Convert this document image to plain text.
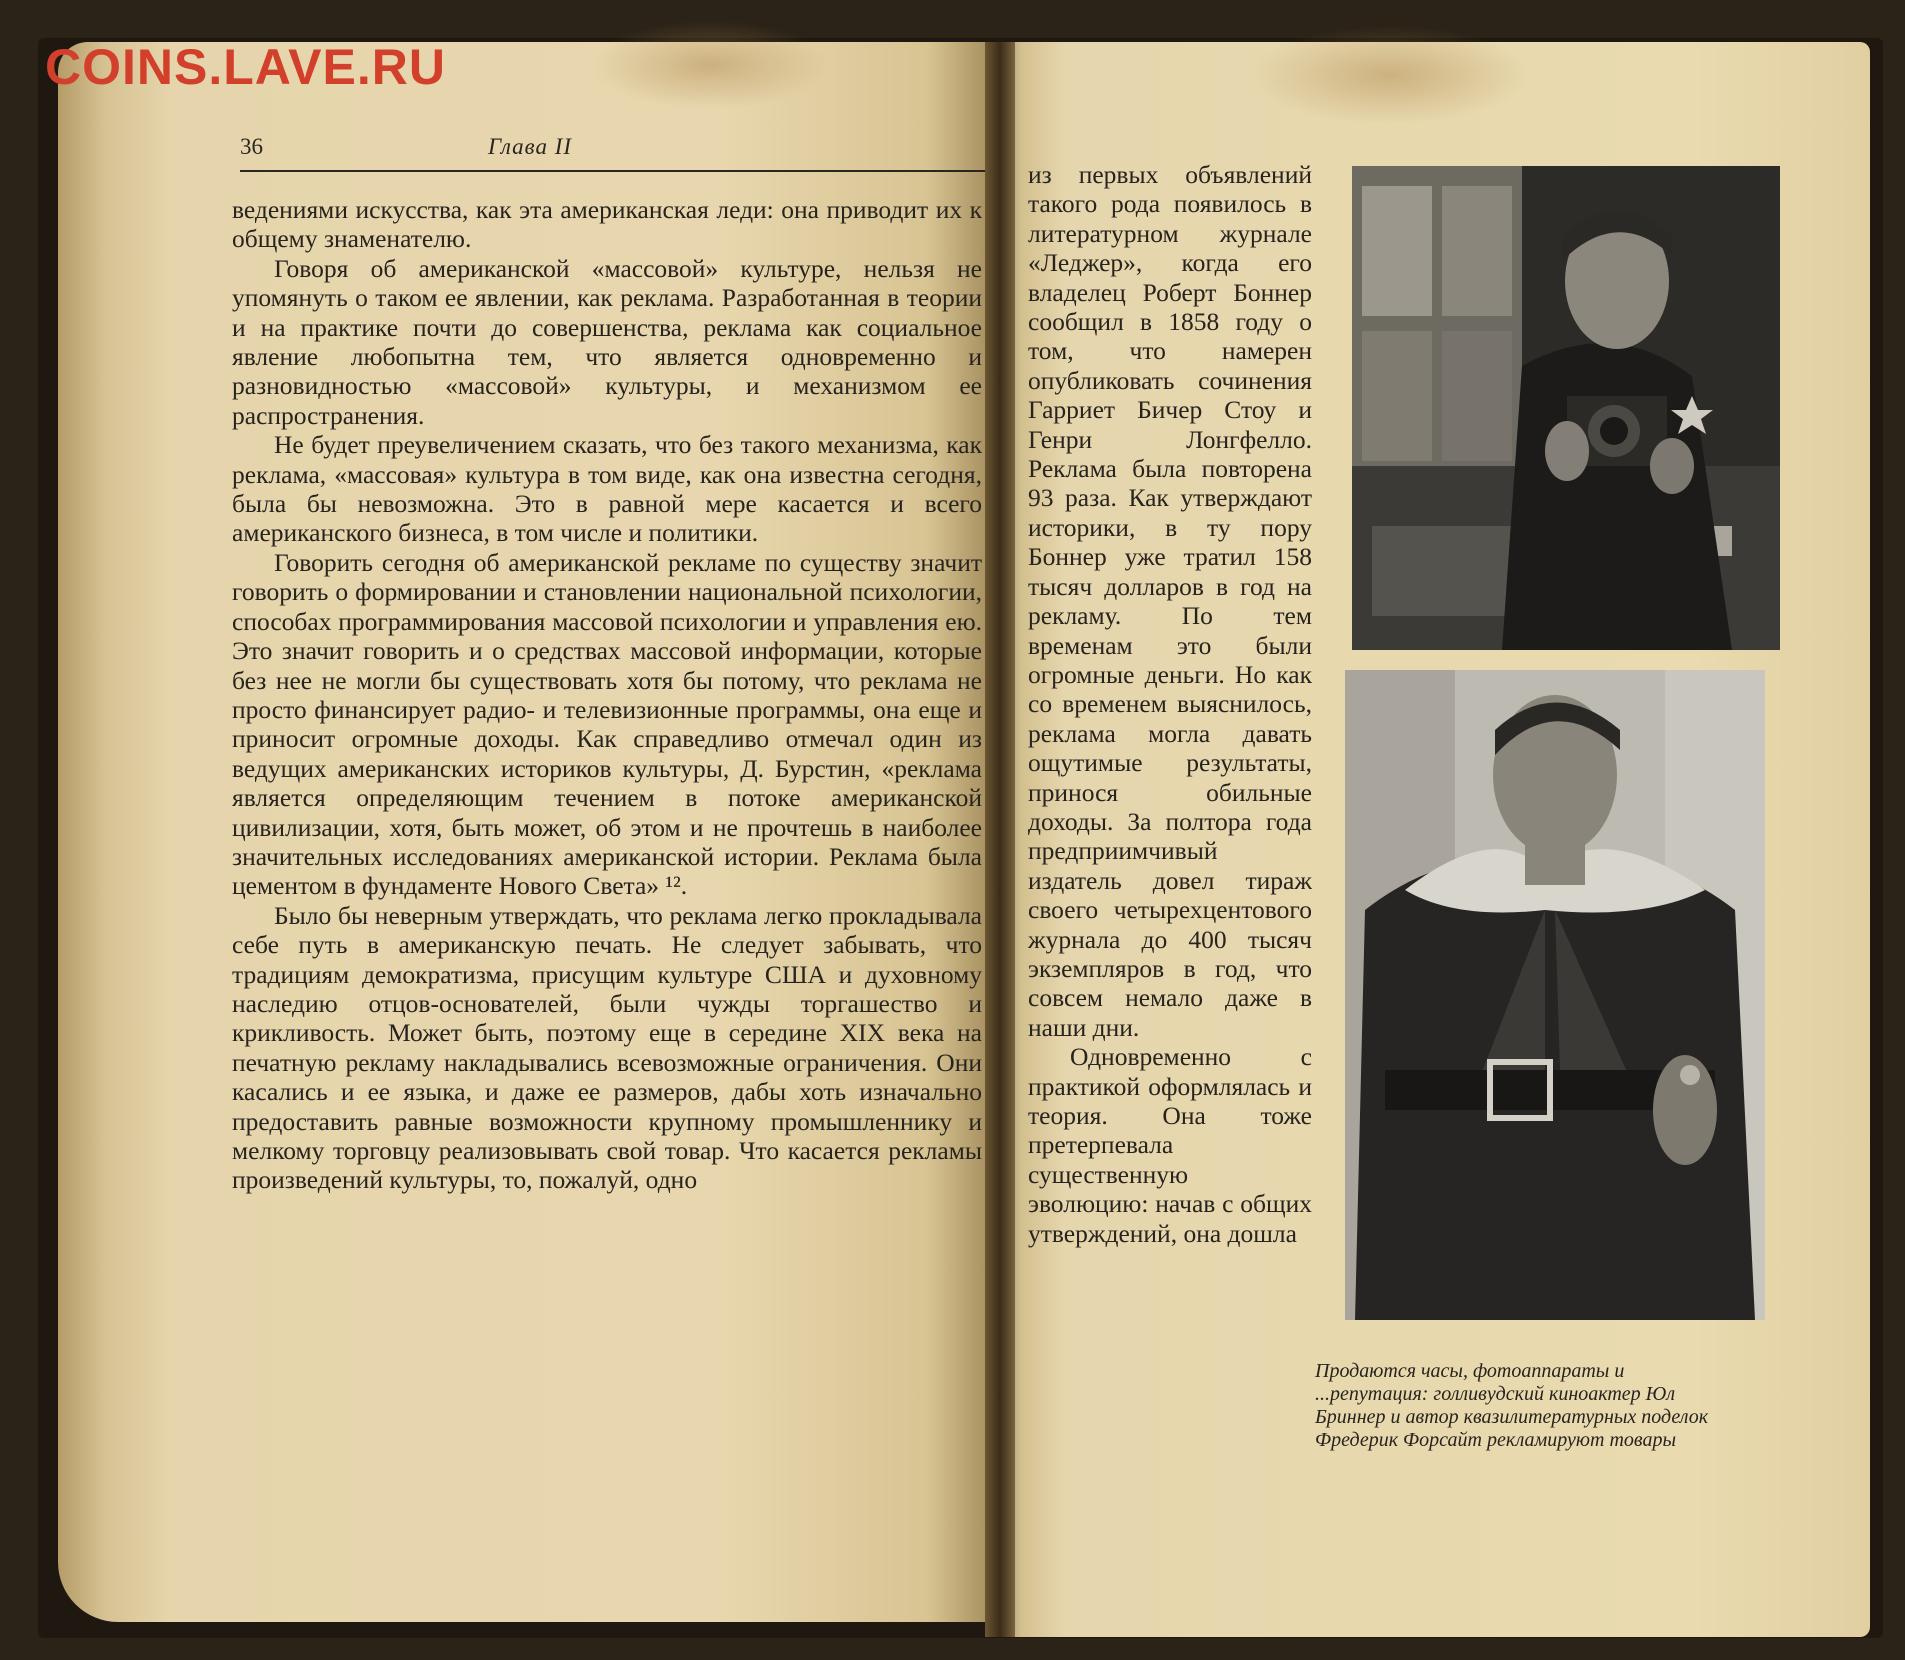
COINS.LAVE.RU
36	Глава II

ведениями искусства, как эта американская леди: она приводит их к общему знаменателю.

Говоря об американской «массовой» культуре, нельзя не упомянуть о таком ее явлении, как реклама. Разработанная в теории и на практике почти до совершенства, реклама как социальное явление любопытна тем, что является одновременно и разновидностью «массовой» культуры, и механизмом ее распространения.

Не будет преувеличением сказать, что без такого механизма, как реклама, «массовая» культура в том виде, как она известна сегодня, была бы невозможна. Это в равной мере касается и всего американского бизнеса, в том числе и политики.

Говорить сегодня об американской рекламе по существу значит говорить о формировании и становлении национальной психологии, способах программирования массовой психологии и управления ею. Это значит говорить и о средствах массовой информации, которые без нее не могли бы существовать хотя бы потому, что реклама не просто финансирует радио- и телевизионные программы, она еще и приносит огромные доходы. Как справедливо отмечал один из ведущих американских историков культуры, Д. Бурстин, «реклама является определяющим течением в потоке американской цивилизации, хотя, быть может, об этом и не прочтешь в наиболее значительных исследованиях американской истории. Реклама была цементом в фундаменте Нового Света» ¹².

Было бы неверным утверждать, что реклама легко прокладывала себе путь в американскую печать. Не следует забывать, что традициям демократизма, присущим культуре США и духовному наследию отцов-основателей, были чужды торгашество и крикливость. Может быть, поэтому еще в середине XIX века на печатную рекламу накладывались всевозможные ограничения. Они касались и ее языка, и даже ее размеров, дабы хоть изначально предоставить равные возможности крупному промышленнику и мелкому торговцу реализовывать свой товар. Что касается рекламы произведений культуры, то, пожалуй, одно

из первых объявлений такого рода появилось в литературном журнале «Леджер», когда его владелец Роберт Боннер сообщил в 1858 году о том, что намерен опубликовать сочинения Гарриет Бичер Стоу и Генри Лонгфелло. Реклама была повторена 93 раза. Как утверждают историки, в ту пору Боннер уже тратил 158 тысяч долларов в год на рекламу. По тем временам это были огромные деньги. Но как со временем выяснилось, реклама могла давать ощутимые результаты, принося обильные доходы. За полтора года предприимчивый издатель довел тираж своего четырехцентового журнала до 400 тысяч экземпляров в год, что совсем немало даже в наши дни.

Одновременно с практикой оформлялась и теория. Она тоже претерпевала существенную эволюцию: начав с общих утверждений, она дошла

Продаются часы, фотоаппараты и ...репутация: голливудский киноактер Юл Бриннер и автор квазилитературных поделок Фредерик Форсайт рекламируют товары
